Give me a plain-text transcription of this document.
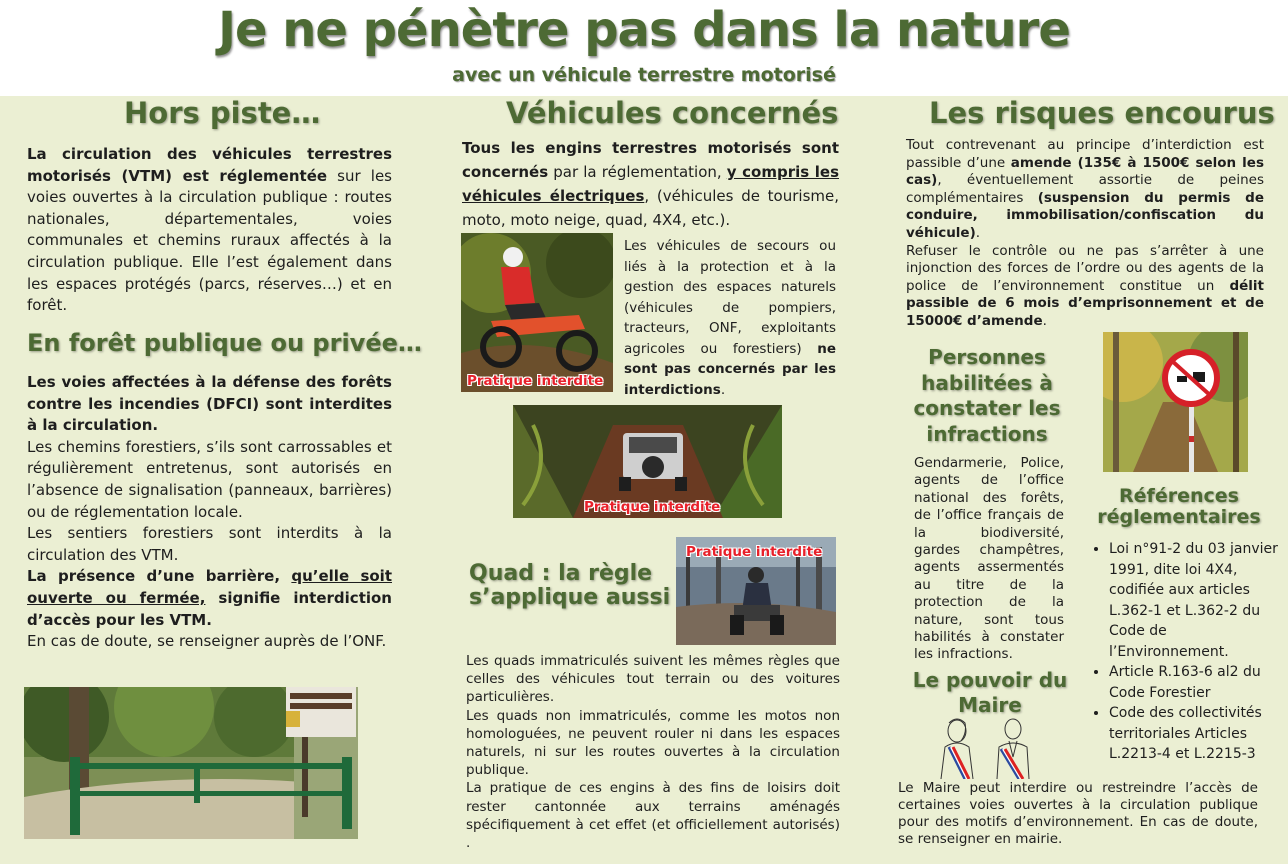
Je ne pénètre pas dans la nature
avec un véhicule terrestre motorisé
Hors piste…
La circulation des véhicules terrestres motorisés (VTM) est réglementée sur les voies ouvertes à la circulation publique : routes nationales, départementales, voies communales et chemins ruraux affectés à la circulation publique. Elle l’est également dans les espaces protégés (parcs, réserves…) et en forêt.
En forêt publique ou privée…
Les voies affectées à la défense des forêts contre les incendies (DFCI) sont interdites à la circulation.
Les chemins forestiers, s’ils sont carrossables et régulièrement entretenus, sont autorisés en l’absence de signalisation (panneaux, barrières) ou de réglementation locale.
Les sentiers forestiers sont interdits à la circulation des VTM.
La présence d’une barrière, qu’elle soit ouverte ou fermée, signifie interdiction d’accès pour les VTM.
En cas de doute, se renseigner auprès de l’ONF.
Véhicules concernés
Tous les engins terrestres motorisés sont concernés par la réglementation, y compris les véhicules électriques, (véhicules de tourisme, moto, moto neige, quad, 4X4, etc.).
Pratique interdite
Les véhicules de secours ou liés à la protection et à la gestion des espaces naturels (véhicules de pompiers, tracteurs, ONF, exploitants agricoles ou forestiers) ne sont pas concernés par les interdictions.
Pratique interdite
Quad : la règle
s’applique aussi
Pratique interdite
Les quads immatriculés suivent les mêmes règles que celles des véhicules tout terrain ou des voitures particulières.
Les quads non immatriculés, comme les motos non homologuées, ne peuvent rouler ni dans les espaces naturels, ni sur les routes ouvertes à la circulation publique.
La pratique de ces engins à des fins de loisirs doit rester cantonnée aux terrains aménagés spécifiquement à cet effet (et officiellement autorisés) .
Les risques encourus
Tout contrevenant au principe d’interdiction est passible d’une amende (135€ à 1500€ selon les cas), éventuellement assortie de peines complémentaires (suspension du permis de conduire, immobilisation/confiscation du véhicule).
Refuser le contrôle ou ne pas s’arrêter à une injonction des forces de l’ordre ou des agents de la police de l’environnement constitue un délit passible de 6 mois d’emprisonnement et de 15000€ d’amende.
Personnes
habilitées à
constater les
infractions
Gendarmerie, Police, agents de l’office national des forêts, de l’office français de la biodiversité, gardes champêtres, agents assermentés au titre de la protection de la nature, sont tous habilités à constater les infractions.
Références
réglementaires
• Loi n°91-2 du 03 janvier 1991, dite loi 4X4, codifiée aux articles L.362-1 et L.362-2 du Code de l’Environnement.
• Article R.163-6 al2 du Code Forestier
• Code des collectivités territoriales Articles L.2213-4 et L.2215-3
Le pouvoir du
Maire
Le Maire peut interdire ou restreindre l’accès de certaines voies ouvertes à la circulation publique pour des motifs d’environnement. En cas de doute, se renseigner en mairie.
